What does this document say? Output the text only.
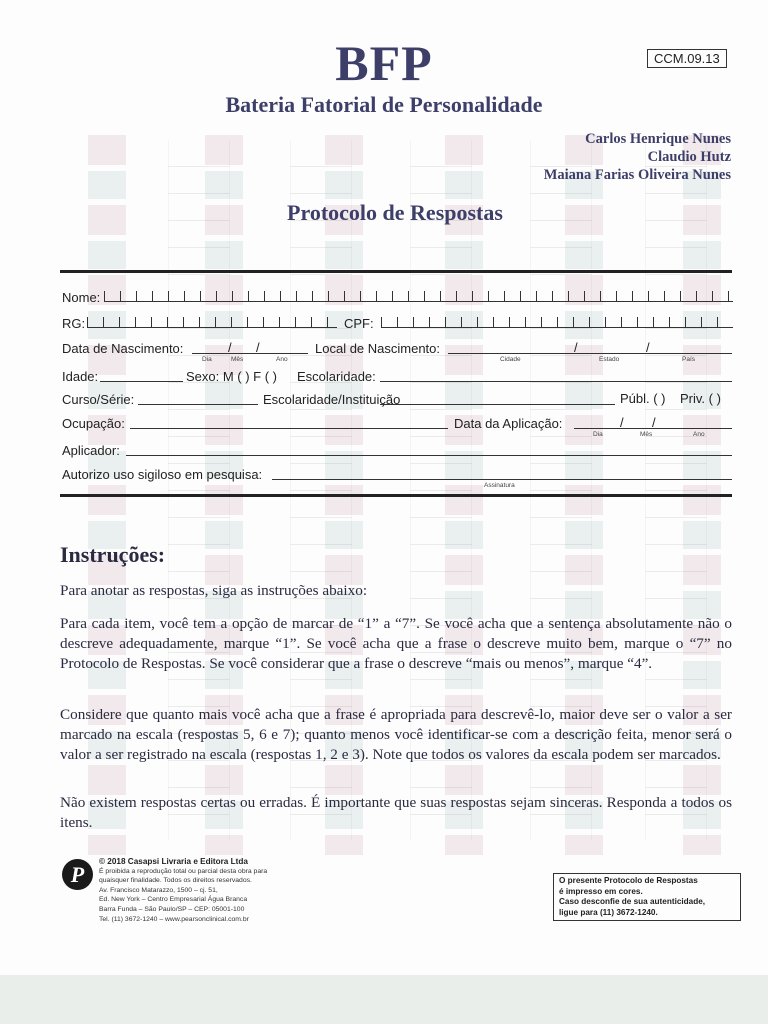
BFP	CCM.09.13
Bateria Fatorial de Personalidade
Carlos Henrique Nunes
Claudio Hutz
Maiana Farias Oliveira Nunes
Protocolo de Respostas
Nome:
RG:	CPF:
Data de Nascimento:	/ /
Dia	Mês	Ano
Local de Nascimento:	/	/
Cidade	Estado	País
Idade:	Sexo: M ( ) F ( ) Escolaridade:
Curso/Série:	Escolaridade/Instituição	Públ. ( ) Priv. ( )
Ocupação:	Data da Aplicação:	/ /
Dia	Mês	Ano
Aplicador:
Autorizo uso sigiloso em pesquisa:
Assinatura
Instruções:
Para anotar as respostas, siga as instruções abaixo:
Para cada item, você tem a opção de marcar de “1” a “7”. Se você acha que a sentença absolutamente não o descreve adequadamente, marque “1”. Se você acha que a frase o descreve muito bem, marque o “7” no Protocolo de Respostas. Se você considerar que a frase o descreve “mais ou menos”, marque “4”.
Considere que quanto mais você acha que a frase é apropriada para descrevê-lo, maior deve ser o valor a ser marcado na escala (respostas 5, 6 e 7); quanto menos você identificar-se com a descrição feita, menor será o valor a ser registrado na escala (respostas 1, 2 e 3). Note que todos os valores da escala podem ser marcados.
Não existem respostas certas ou erradas. É importante que suas respostas sejam sinceras. Responda a todos os itens.
P
© 2018 Casapsi Livraria e Editora Ltda
É proibida a reprodução total ou parcial desta obra para
quaisquer finalidade. Todos os direitos reservados.
Av. Francisco Matarazzo, 1500 – cj. 51,
Ed. New York – Centro Empresarial Água Branca
Barra Funda – São Paulo/SP – CEP: 05001-100
Tel. (11) 3672-1240 – www.pearsonclinical.com.br
O presente Protocolo de Respostas
é impresso em cores.
Caso desconfie de sua autenticidade,
ligue para (11) 3672-1240.
